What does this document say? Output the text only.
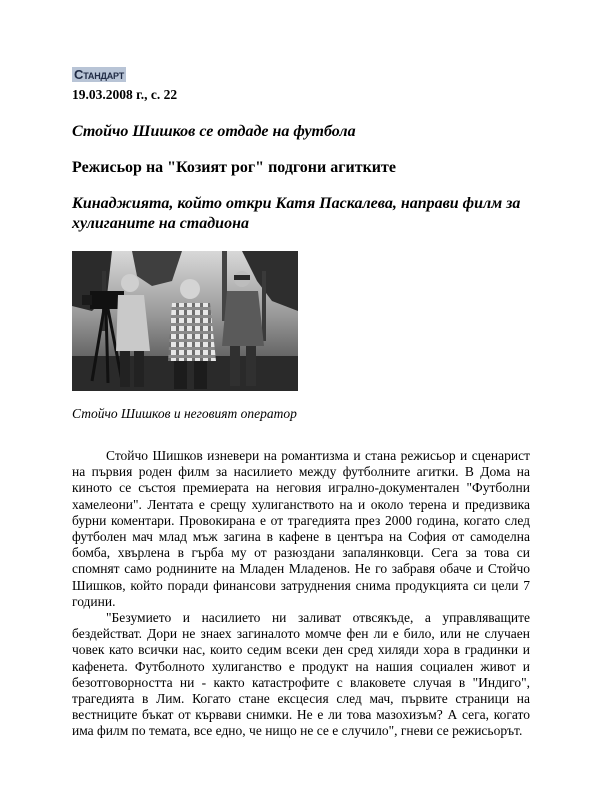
Стандарт
19.03.2008 г., с. 22
Стойчо Шишков се отдаде на футбола
Режисьор на "Козият рог" подгони агитките
Кинаджията, който откри Катя Паскалева, направи филм за хулиганите на стадиона
Стойчо Шишков и неговият оператор

Стойчо Шишков изневери на романтизма и стана режисьор и сценарист на първия роден филм за насилието между футболните агитки. В Дома на киното се състоя премиерата на неговия игрално-документален "Футболни хамелеони". Лентата е срещу хулиганството на и около терена и предизвика бурни коментари. Провокирана е от трагедията през 2000 година, когато след футболен мач млад мъж загина в кафене в центъра на София от самоделна бомба, хвърлена в гърба му от разюздани запалянковци. Сега за това си спомнят само роднините на Младен Младенов. Не го забравя обаче и Стойчо Шишков, който поради финансови затруднения снима продукцията си цели 7 години.

"Безумието и насилието ни заливат отвсякъде, а управляващите бездействат. Дори не знаех загиналото момче фен ли е било, или не случаен човек като всички нас, които седим всеки ден сред хиляди хора в градинки и кафенета. Футболното хулиганство е продукт на нашия социален живот и безотговорността ни - както катастрофите с влаковете случая в "Индиго", трагедията в Лим. Когато стане ексцесия след мач, първите страници на вестниците бъкат от кървави снимки. Не е ли това мазохизъм? А сега, когато има филм по темата, все едно, че нищо не се е случило", гневи се режисьорът.
